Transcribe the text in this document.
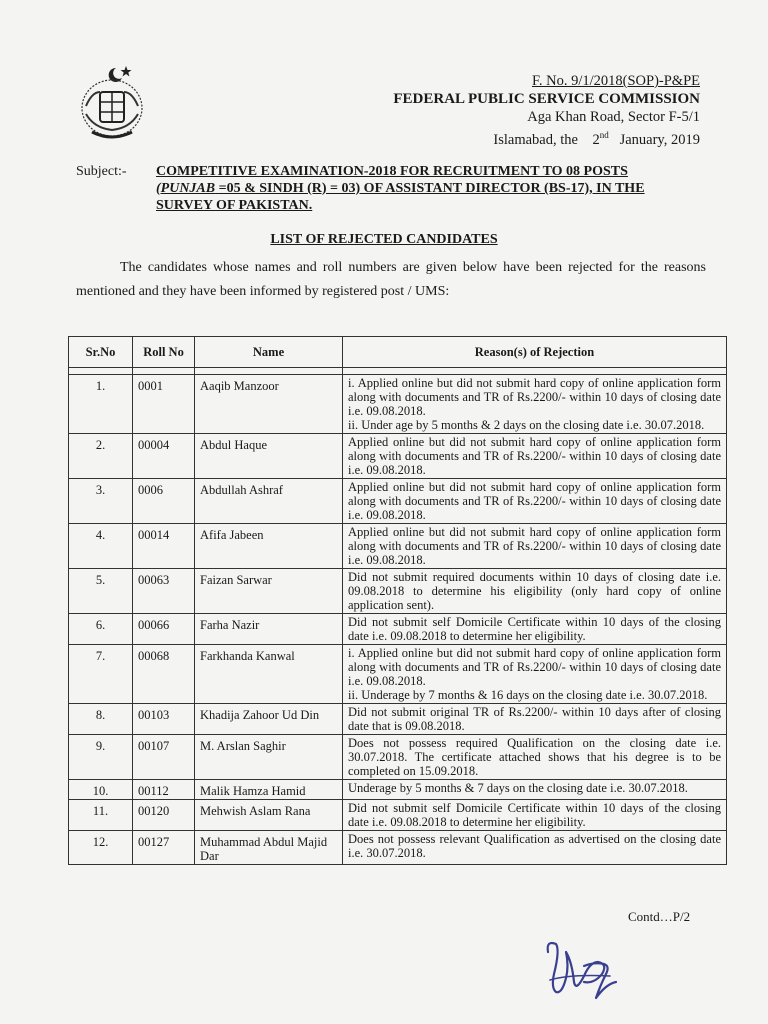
F. No. 9/1/2018(SOP)-P&PE
FEDERAL PUBLIC SERVICE COMMISSION
Aga Khan Road, Sector F-5/1
Islamabad, the 2nd January, 2019
Subject:- COMPETITIVE EXAMINATION-2018 FOR RECRUITMENT TO 08 POSTS
(PUNJAB =05 & SINDH (R) = 03) OF ASSISTANT DIRECTOR (BS-17), IN THE
SURVEY OF PAKISTAN.
LIST OF REJECTED CANDIDATES
The candidates whose names and roll numbers are given below have been rejected for the reasons mentioned and they have been informed by registered post / UMS:
Sr.No	Roll No	Name	Reason(s) of Rejection

1.	0001	Aaqib Manzoor	i. Applied online but did not submit hard copy of online application form along with documents and TR of Rs.2200/- within 10 days of closing date i.e. 09.08.2018.
ii. Under age by 5 months & 2 days on the closing date i.e. 30.07.2018.
2.	00004	Abdul Haque	Applied online but did not submit hard copy of online application form along with documents and TR of Rs.2200/- within 10 days of closing date i.e. 09.08.2018.
3.	0006	Abdullah Ashraf	Applied online but did not submit hard copy of online application form along with documents and TR of Rs.2200/- within 10 days of closing date i.e. 09.08.2018.
4.	00014	Afifa Jabeen	Applied online but did not submit hard copy of online application form along with documents and TR of Rs.2200/- within 10 days of closing date i.e. 09.08.2018.
5.	00063	Faizan Sarwar	Did not submit required documents within 10 days of closing date i.e. 09.08.2018 to determine his eligibility (only hard copy of online application sent).
6.	00066	Farha Nazir	Did not submit self Domicile Certificate within 10 days of the closing date i.e. 09.08.2018 to determine her eligibility.
7.	00068	Farkhanda Kanwal	i. Applied online but did not submit hard copy of online application form along with documents and TR of Rs.2200/- within 10 days of closing date i.e. 09.08.2018.
ii. Underage by 7 months & 16 days on the closing date i.e. 30.07.2018.
8.	00103	Khadija Zahoor Ud Din	Did not submit original TR of Rs.2200/- within 10 days after of closing date that is 09.08.2018.
9.	00107	M. Arslan Saghir	Does not possess required Qualification on the closing date i.e. 30.07.2018. The certificate attached shows that his degree is to be completed on 15.09.2018.
10.	00112	Malik Hamza Hamid	Underage by 5 months & 7 days on the closing date i.e. 30.07.2018.
11.	00120	Mehwish Aslam Rana	Did not submit self Domicile Certificate within 10 days of the closing date i.e. 09.08.2018 to determine her eligibility.
12.	00127	Muhammad Abdul Majid Dar	Does not possess relevant Qualification as advertised on the closing date i.e. 30.07.2018.
Contd…P/2
